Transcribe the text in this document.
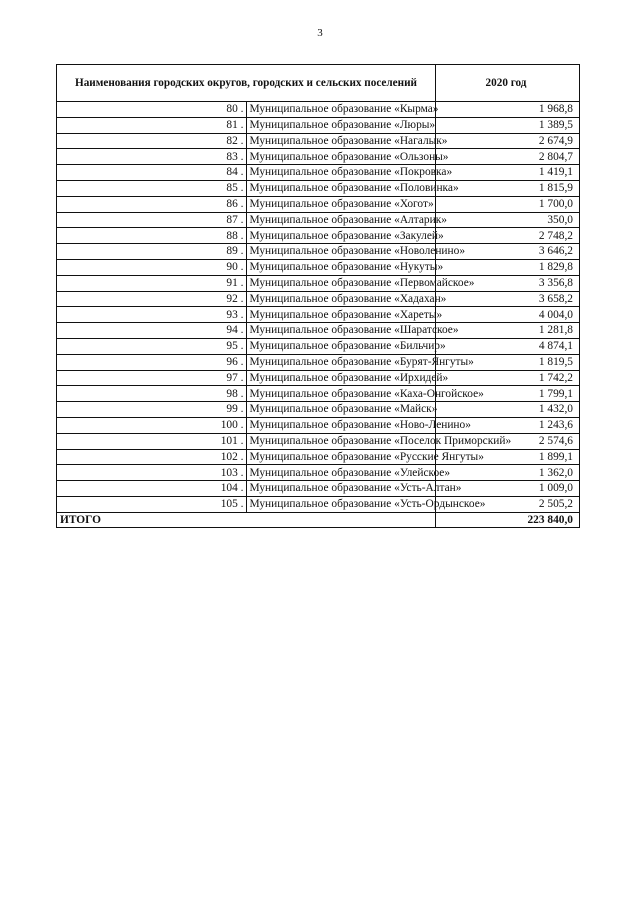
3
Наименования городских округов, городских и сельских поселений		2020 год
80 .	Муниципальное образование «Кырма»	1 968,8
81 .	Муниципальное образование «Люры»	1 389,5
82 .	Муниципальное образование «Нагалык»	2 674,9
83 .	Муниципальное образование «Ользоны»	2 804,7
84 .	Муниципальное образование «Покровка»	1 419,1
85 .	Муниципальное образование «Половинка»	1 815,9
86 .	Муниципальное образование «Хогот»	1 700,0
87 .	Муниципальное образование «Алтарик»	350,0
88 .	Муниципальное образование «Закулей»	2 748,2
89 .	Муниципальное образование «Новоленино»	3 646,2
90 .	Муниципальное образование «Нукуты»	1 829,8
91 .	Муниципальное образование «Первомайское»	3 356,8
92 .	Муниципальное образование «Хадахан»	3 658,2
93 .	Муниципальное образование «Хареты»	4 004,0
94 .	Муниципальное образование «Шаратское»	1 281,8
95 .	Муниципальное образование «Бильчир»	4 874,1
96 .	Муниципальное образование «Бурят-Янгуты»	1 819,5
97 .	Муниципальное образование «Ирхидей»	1 742,2
98 .	Муниципальное образование «Каха-Онгойское»	1 799,1
99 .	Муниципальное образование «Майск»	1 432,0
100 .	Муниципальное образование «Ново-Ленино»	1 243,6
101 .	Муниципальное образование «Поселок Приморский»	2 574,6
102 .	Муниципальное образование «Русские Янгуты»	1 899,1
103 .	Муниципальное образование «Улейское»	1 362,0
104 .	Муниципальное образование «Усть-Алтан»	1 009,0
105 .	Муниципальное образование «Усть-Ордынское»	2 505,2
ИТОГО		223 840,0
